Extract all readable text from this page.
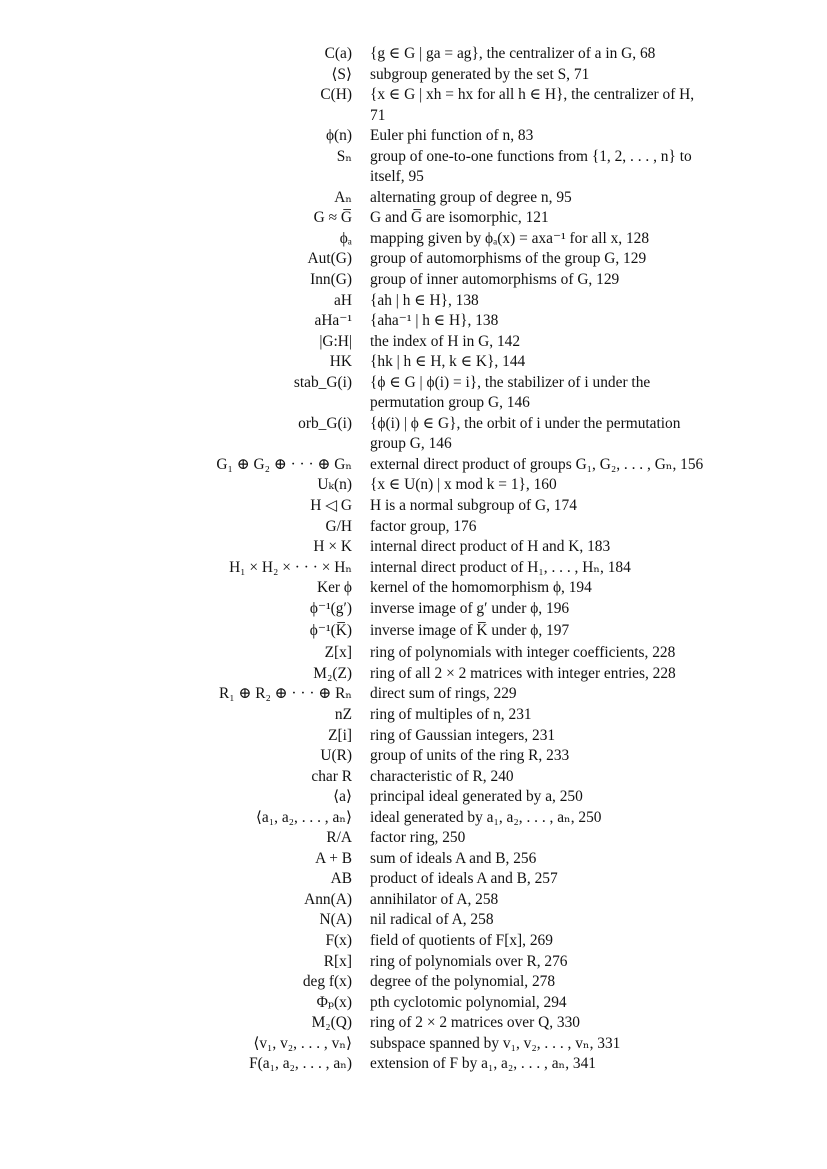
C(a)	{g ∈ G | ga = ag}, the centralizer of a in G, 68
⟨S⟩	subgroup generated by the set S, 71
C(H)	{x ∈ G | xh = hx for all h ∈ H}, the centralizer of H, 71
ϕ(n)	Euler phi function of n, 83
Sₙ	group of one-to-one functions from {1, 2, . . . , n} to itself, 95
Aₙ	alternating group of degree n, 95
G ≈ G̅	G and G̅ are isomorphic, 121
ϕₐ	mapping given by ϕₐ(x) = axa⁻¹ for all x, 128
Aut(G)	group of automorphisms of the group G, 129
Inn(G)	group of inner automorphisms of G, 129
aH	{ah | h ∈ H}, 138
aHa⁻¹	{aha⁻¹ | h ∈ H}, 138
|G:H|	the index of H in G, 142
HK	{hk | h ∈ H, k ∈ K}, 144
stab_G(i)	{ϕ ∈ G | ϕ(i) = i}, the stabilizer of i under the permutation group G, 146
orb_G(i)	{ϕ(i) | ϕ ∈ G}, the orbit of i under the permutation group G, 146
G₁ ⊕ G₂ ⊕ · · · ⊕ Gₙ	external direct product of groups G₁, G₂, . . . , Gₙ, 156
Uₖ(n)	{x ∈ U(n) | x mod k = 1}, 160
H ◁ G	H is a normal subgroup of G, 174
G/H	factor group, 176
H × K	internal direct product of H and K, 183
H₁ × H₂ × · · · × Hₙ	internal direct product of H₁, . . . , Hₙ, 184
Ker ϕ	kernel of the homomorphism ϕ, 194
ϕ⁻¹(g′)	inverse image of g′ under ϕ, 196
ϕ⁻¹(K̅)	inverse image of K̅ under ϕ, 197
Z[x]	ring of polynomials with integer coefficients, 228
M₂(Z)	ring of all 2 × 2 matrices with integer entries, 228
R₁ ⊕ R₂ ⊕ · · · ⊕ Rₙ	direct sum of rings, 229
nZ	ring of multiples of n, 231
Z[i]	ring of Gaussian integers, 231
U(R)	group of units of the ring R, 233
char R	characteristic of R, 240
⟨a⟩	principal ideal generated by a, 250
⟨a₁, a₂, . . . , aₙ⟩	ideal generated by a₁, a₂, . . . , aₙ, 250
R/A	factor ring, 250
A + B	sum of ideals A and B, 256
AB	product of ideals A and B, 257
Ann(A)	annihilator of A, 258
N(A)	nil radical of A, 258
F(x)	field of quotients of F[x], 269
R[x]	ring of polynomials over R, 276
deg f(x)	degree of the polynomial, 278
Φₚ(x)	pth cyclotomic polynomial, 294
M₂(Q)	ring of 2 × 2 matrices over Q, 330
⟨v₁, v₂, . . . , vₙ⟩	subspace spanned by v₁, v₂, . . . , vₙ, 331
F(a₁, a₂, . . . , aₙ)	extension of F by a₁, a₂, . . . , aₙ, 341
